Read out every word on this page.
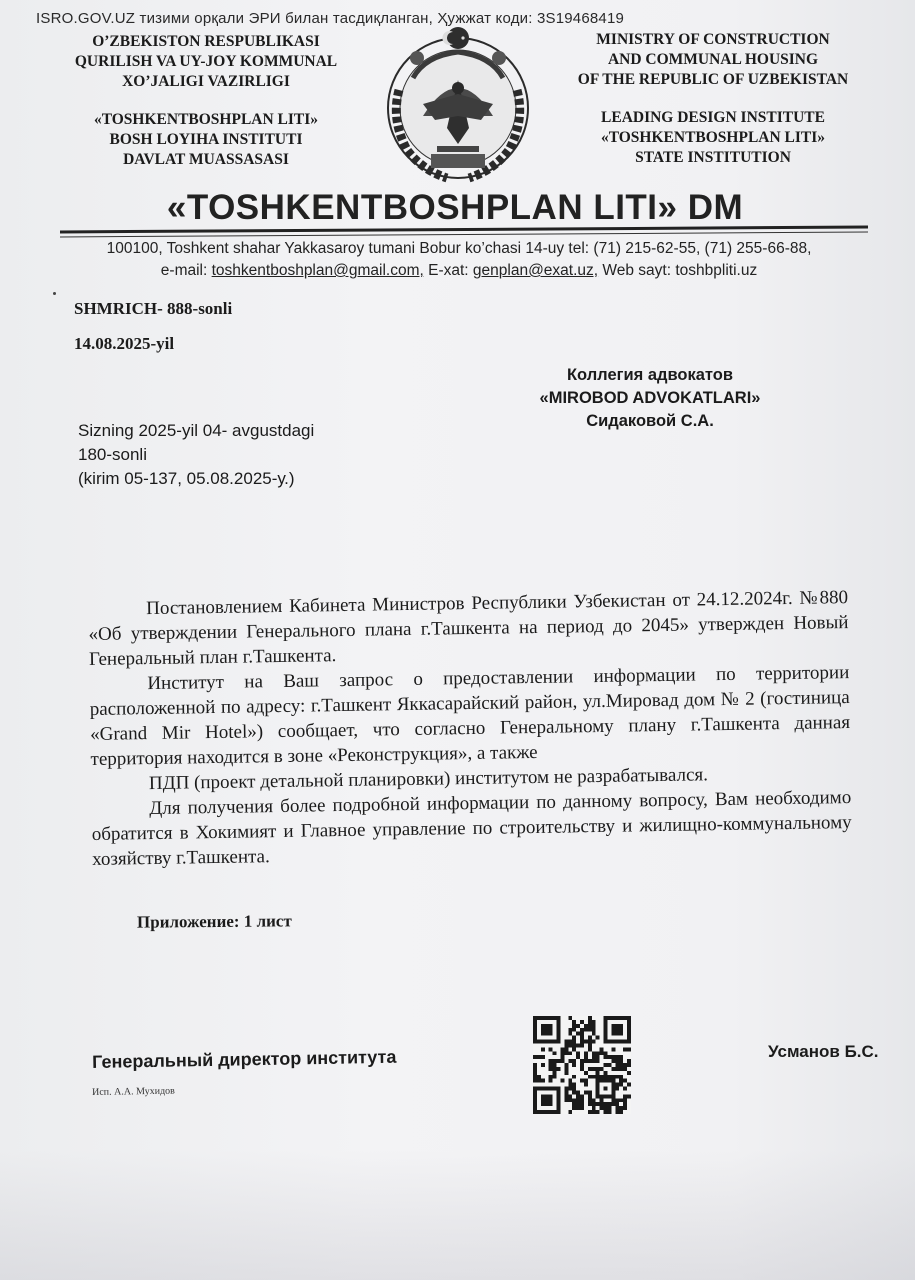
ISRO.GOV.UZ тизими орқали ЭРИ билан тасдиқланган, Ҳужжат коди: 3S19468419
O’ZBEKISTON RESPUBLIKASI
QURILISH VA UY-JOY KOMMUNAL
XO’JALIGI VAZIRLIGI
«TOSHKENTBOSHPLAN LITI»
BOSH LOYIHA INSTITUTI
DAVLAT MUASSASASI
MINISTRY OF CONSTRUCTION
AND COMMUNAL HOUSING
OF THE REPUBLIC OF UZBEKISTAN
LEADING DESIGN INSTITUTE
«TOSHKENTBOSHPLAN LITI»
STATE INSTITUTION
«TOSHKENTBOSHPLAN LITI» DM
100100, Toshkent shahar Yakkasaroy tumani Bobur ko’chasi 14-uy tel: (71) 215-62-55, (71) 255-66-88,
e-mail: toshkentboshplan@gmail.com, E-xat: genplan@exat.uz, Web sayt: toshbpliti.uz
SHMRICH- 888-sonli
14.08.2025-yil
Коллегия адвокатов
«MIROBOD ADVOKATLARI»
Сидаковой С.А.
Sizning 2025-yil 04- avgustdagi
180-sonli
(kirim 05-137, 05.08.2025-у.)

Постановлением Кабинета Министров Республики Узбекистан от 24.12.2024г. №880 «Об утверждении Генерального плана г.Ташкента на период до 2045» утвержден Новый Генеральный план г.Ташкента.

Институт на Ваш запрос о предоставлении информации по территории расположенной по адресу: г.Ташкент Яккасарайский район, ул.Мировад дом № 2 (гостиница «Grand Mir Hotel») сообщает, что согласно Генеральному плану г.Ташкента данная территория находится в зоне «Реконструкция», а также

ПДП (проект детальной планировки) институтом не разрабатывался.

Для получения более подробной информации по данному вопросу, Вам необходимо обратится в Хокимият и Главное управление по строительству и жилищно-коммунальному хозяйству г.Ташкента.

Приложение: 1 лист
Генеральный директор института
Исп. А.А. Мухидов
Усманов Б.С.
